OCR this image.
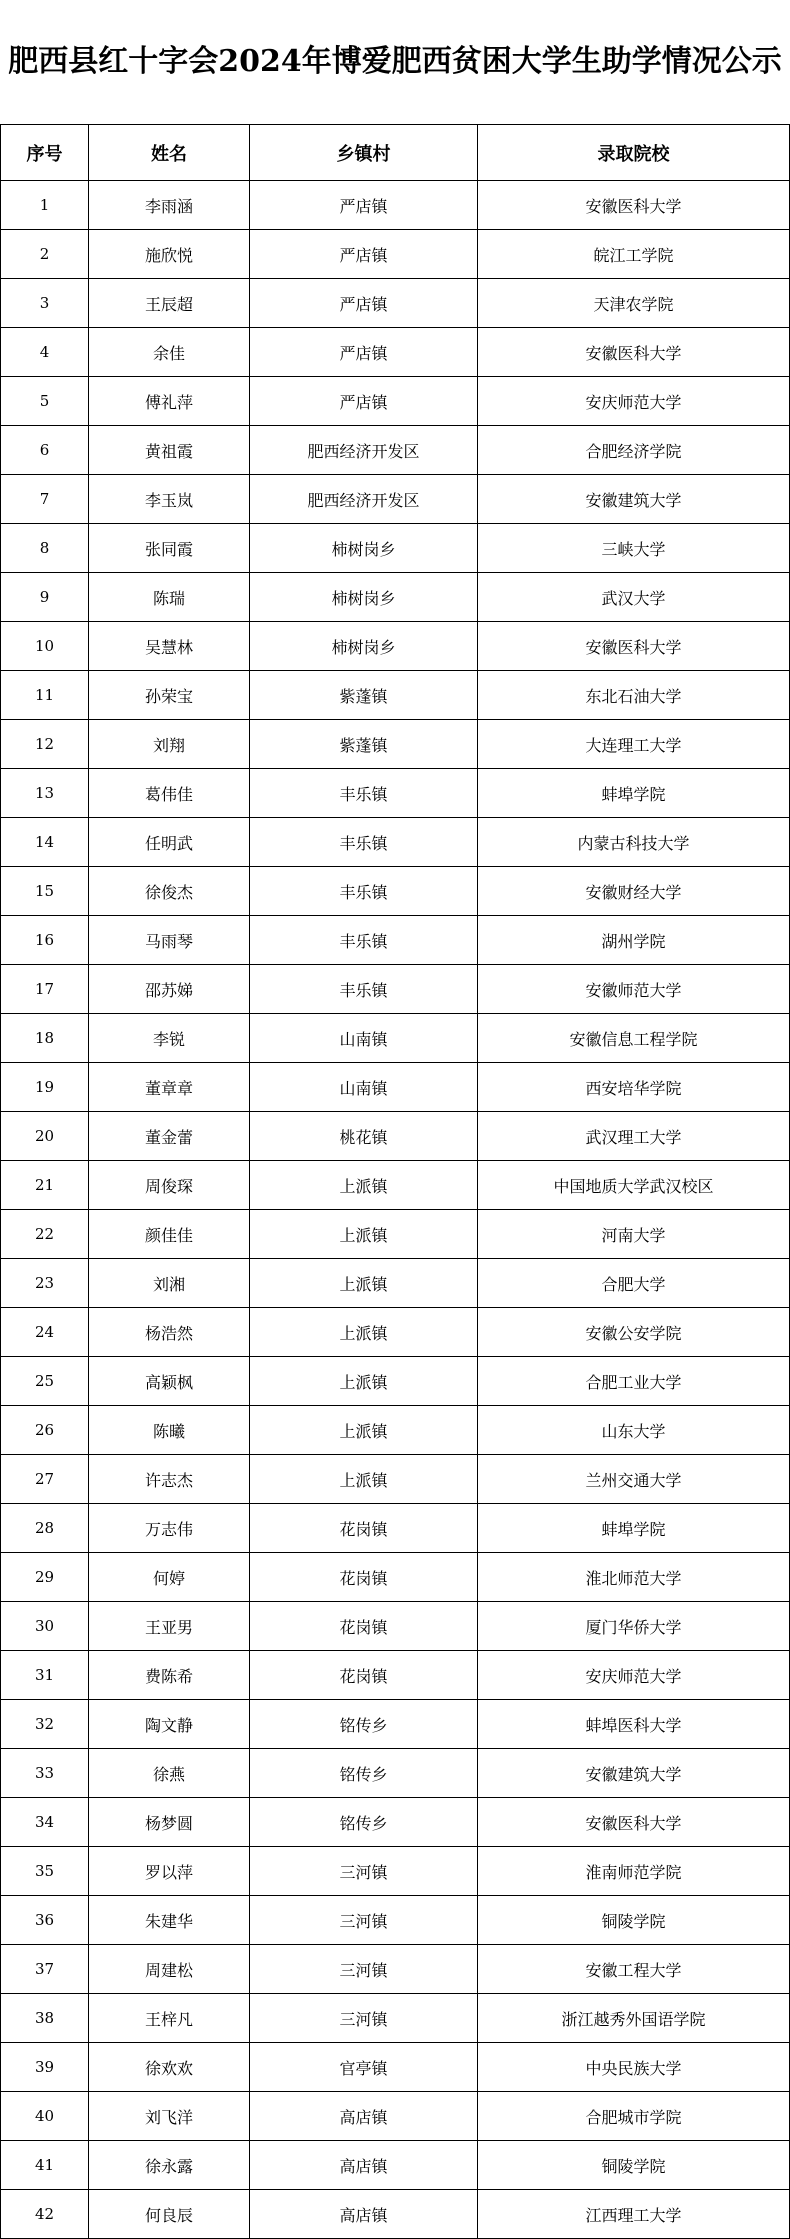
肥西县红十字会2024年博爱肥西贫困大学生助学情况公示
序号	姓名	乡镇村	录取院校
1	李雨涵	严店镇	安徽医科大学
2	施欣悦	严店镇	皖江工学院
3	王辰超	严店镇	天津农学院
4	余佳	严店镇	安徽医科大学
5	傅礼萍	严店镇	安庆师范大学
6	黄祖霞	肥西经济开发区	合肥经济学院
7	李玉岚	肥西经济开发区	安徽建筑大学
8	张同霞	柿树岗乡	三峡大学
9	陈瑞	柿树岗乡	武汉大学
10	吴慧林	柿树岗乡	安徽医科大学
11	孙荣宝	紫蓬镇	东北石油大学
12	刘翔	紫蓬镇	大连理工大学
13	葛伟佳	丰乐镇	蚌埠学院
14	任明武	丰乐镇	内蒙古科技大学
15	徐俊杰	丰乐镇	安徽财经大学
16	马雨琴	丰乐镇	湖州学院
17	邵苏娣	丰乐镇	安徽师范大学
18	李锐	山南镇	安徽信息工程学院
19	董章章	山南镇	西安培华学院
20	董金蕾	桃花镇	武汉理工大学
21	周俊琛	上派镇	中国地质大学武汉校区
22	颜佳佳	上派镇	河南大学
23	刘湘	上派镇	合肥大学
24	杨浩然	上派镇	安徽公安学院
25	高颖枫	上派镇	合肥工业大学
26	陈曦	上派镇	山东大学
27	许志杰	上派镇	兰州交通大学
28	万志伟	花岗镇	蚌埠学院
29	何婷	花岗镇	淮北师范大学
30	王亚男	花岗镇	厦门华侨大学
31	费陈希	花岗镇	安庆师范大学
32	陶文静	铭传乡	蚌埠医科大学
33	徐燕	铭传乡	安徽建筑大学
34	杨梦圆	铭传乡	安徽医科大学
35	罗以萍	三河镇	淮南师范学院
36	朱建华	三河镇	铜陵学院
37	周建松	三河镇	安徽工程大学
38	王梓凡	三河镇	浙江越秀外国语学院
39	徐欢欢	官亭镇	中央民族大学
40	刘飞洋	高店镇	合肥城市学院
41	徐永露	高店镇	铜陵学院
42	何良辰	高店镇	江西理工大学
